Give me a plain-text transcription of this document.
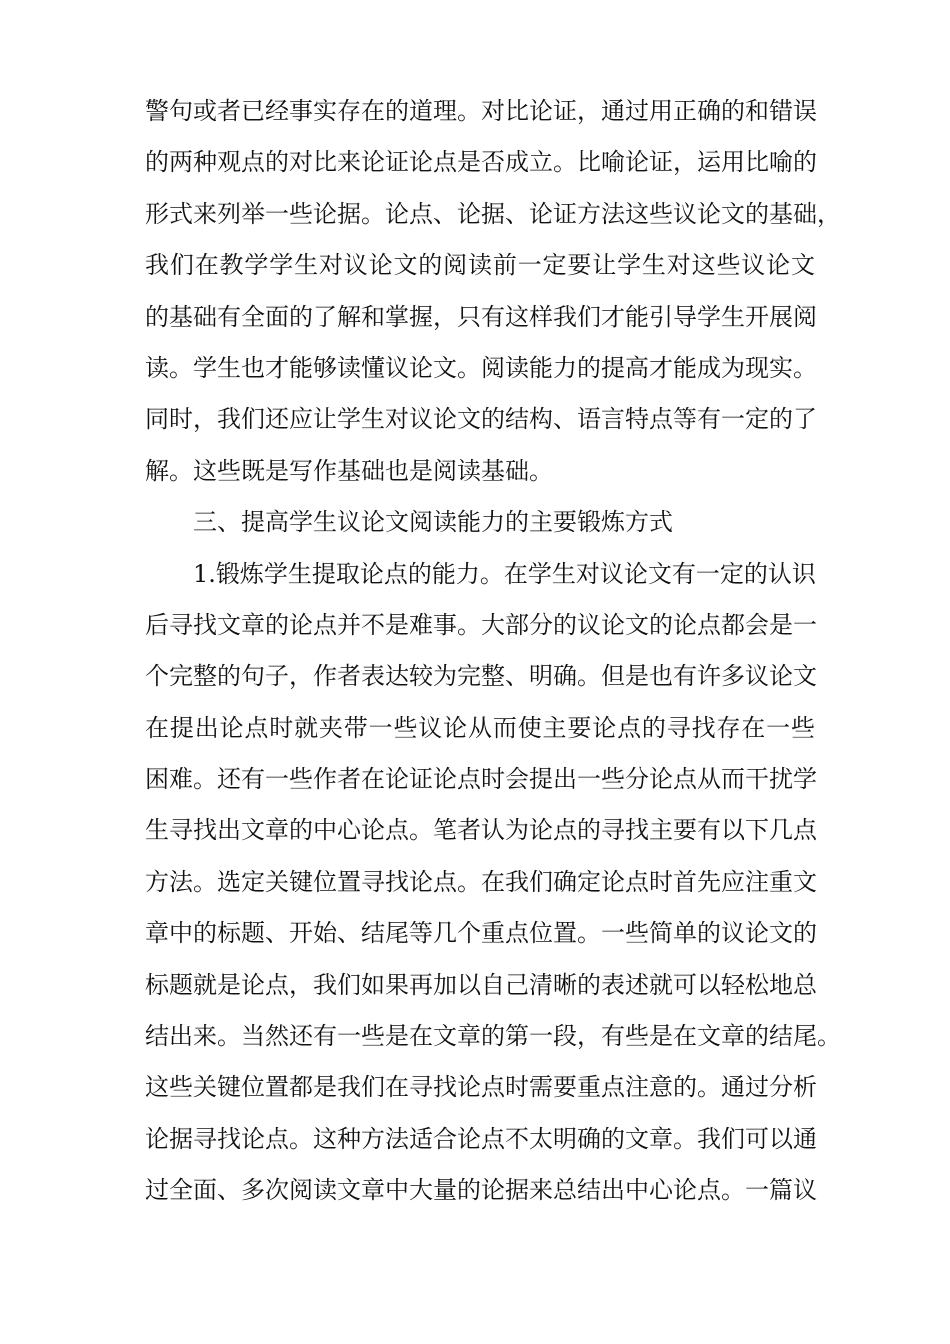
警句或者已经事实存在的道理。对比论证，通过用正确的和错误
的两种观点的对比来论证论点是否成立。比喻论证，运用比喻的
形式来列举一些论据。论点、论据、论证方法这些议论文的基础，
我们在教学学生对议论文的阅读前一定要让学生对这些议论文
的基础有全面的了解和掌握，只有这样我们才能引导学生开展阅
读。学生也才能够读懂议论文。阅读能力的提高才能成为现实。
同时，我们还应让学生对议论文的结构、语言特点等有一定的了
解。这些既是写作基础也是阅读基础。
三、提高学生议论文阅读能力的主要锻炼方式
1.锻炼学生提取论点的能力。在学生对议论文有一定的认识
后寻找文章的论点并不是难事。大部分的议论文的论点都会是一
个完整的句子，作者表达较为完整、明确。但是也有许多议论文
在提出论点时就夹带一些议论从而使主要论点的寻找存在一些
困难。还有一些作者在论证论点时会提出一些分论点从而干扰学
生寻找出文章的中心论点。笔者认为论点的寻找主要有以下几点
方法。选定关键位置寻找论点。在我们确定论点时首先应注重文
章中的标题、开始、结尾等几个重点位置。一些简单的议论文的
标题就是论点，我们如果再加以自己清晰的表述就可以轻松地总
结出来。当然还有一些是在文章的第一段，有些是在文章的结尾。
这些关键位置都是我们在寻找论点时需要重点注意的。通过分析
论据寻找论点。这种方法适合论点不太明确的文章。我们可以通
过全面、多次阅读文章中大量的论据来总结出中心论点。一篇议
